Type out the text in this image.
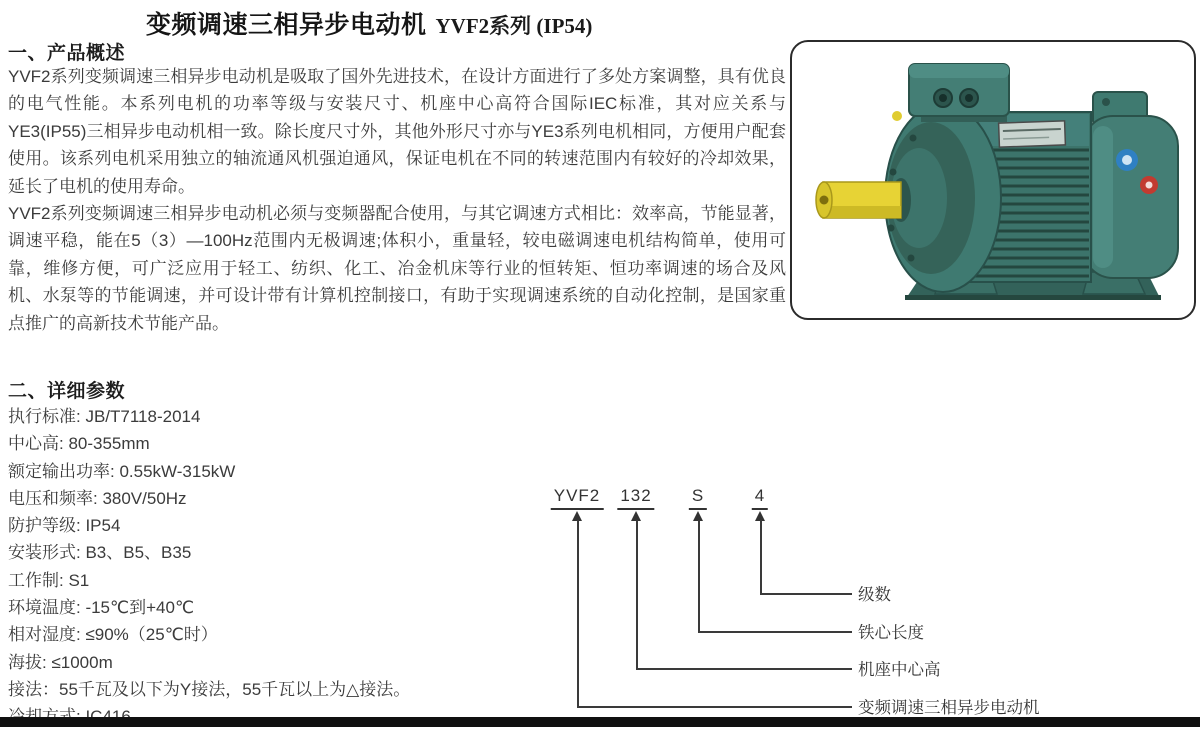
变频调速三相异步电动机 YVF2系列 (IP54)
一、产品概述

YVF2系列变频调速三相异步电动机是吸取了国外先进技术，在设计方面进行了多处方案调整，具有优良的电气性能。本系列电机的功率等级与安装尺寸、机座中心高符合国际IEC标准，其对应关系与YE3(IP55)三相异步电动机相一致。除长度尺寸外，其他外形尺寸亦与YE3系列电机相同，方便用户配套使用。该系列电机采用独立的轴流通风机强迫通风，保证电机在不同的转速范围内有较好的冷却效果，延长了电机的使用寿命。

YVF2系列变频调速三相异步电动机必须与变频器配合使用，与其它调速方式相比：效率高，节能显著，调速平稳，能在5（3）—100Hz范围内无极调速;体积小，重量轻，较电磁调速电机结构简单，使用可靠，维修方便，可广泛应用于轻工、纺织、化工、冶金机床等行业的恒转矩、恒功率调速的场合及风机、水泵等的节能调速，并可设计带有计算机控制接口，有助于实现调速系统的自动化控制，是国家重点推广的高新技术节能产品。

二、详细参数
执行标准: JB/T7118-2014
中心高: 80-355mm
额定输出功率: 0.55kW-315kW
电压和频率: 380V/50Hz
防护等级: IP54
安装形式: B3、B5、B35
工作制: S1
环境温度: -15℃到+40℃
相对湿度: ≤90%（25℃时）
海拔: ≤1000m
接法：55千瓦及以下为Y接法，55千瓦以上为△接法。
YVF2 132 S	4
级数
铁心长度
机座中心高
变频调速三相异步电动机
